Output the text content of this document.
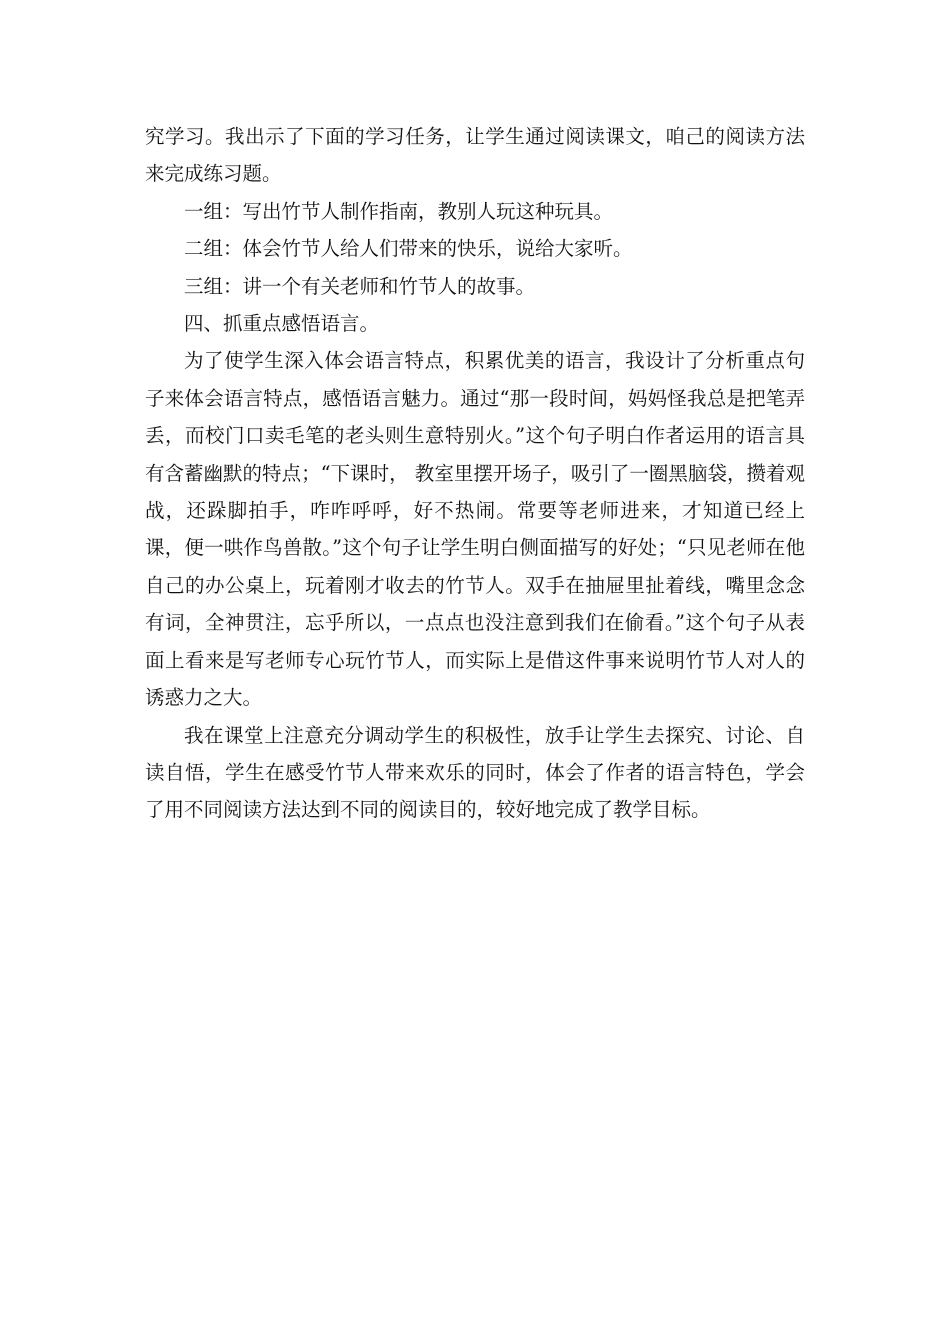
究学习。我出示了下面的学习任务，让学生通过阅读课文，咱己的阅读方法来完成练习题。

一组：写出竹节人制作指南，教别人玩这种玩具。

二组：体会竹节人给人们带来的快乐，说给大家听。

三组：讲一个有关老师和竹节人的故事。

四、抓重点感悟语言。

为了使学生深入体会语言特点，积累优美的语言，我设计了分析重点句子来体会语言特点，感悟语言魅力。通过“那一段时间，妈妈怪我总是把笔弄丢，而校门口卖毛笔的老头则生意特别火。”这个句子明白作者运用的语言具有含蓄幽默的特点；“下课时， 教室里摆开场子，吸引了一圈黑脑袋，攒着观战，还跺脚拍手，咋咋呼呼，好不热闹。常要等老师进来，才知道已经上课，便一哄作鸟兽散。”这个句子让学生明白侧面描写的好处；“只见老师在他自己的办公桌上，玩着刚才收去的竹节人。双手在抽屉里扯着线，嘴里念念有词，全神贯注，忘乎所以，一点点也没注意到我们在偷看。”这个句子从表面上看来是写老师专心玩竹节人，而实际上是借这件事来说明竹节人对人的诱惑力之大。

我在课堂上注意充分调动学生的积极性，放手让学生去探究、讨论、自读自悟，学生在感受竹节人带来欢乐的同时，体会了作者的语言特色，学会了用不同阅读方法达到不同的阅读目的，较好地完成了教学目标。
